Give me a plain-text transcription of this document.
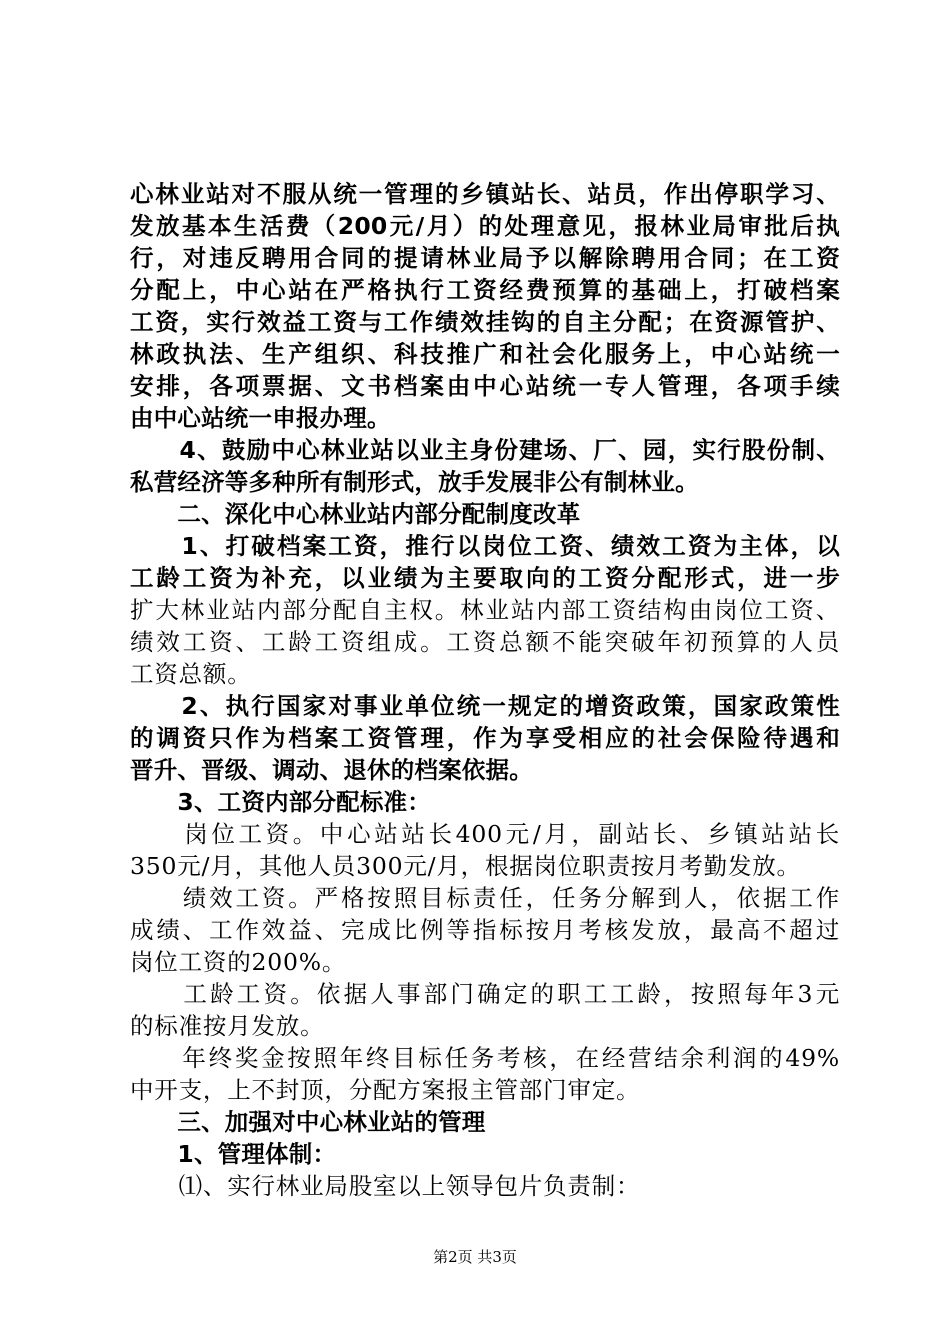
心林业站对不服从统一管理的乡镇站长、站员，作出停职学习、
发放基本生活费（200元/月）的处理意见，报林业局审批后执
行，对违反聘用合同的提请林业局予以解除聘用合同；在工资
分配上，中心站在严格执行工资经费预算的基础上，打破档案
工资，实行效益工资与工作绩效挂钩的自主分配；在资源管护、
林政执法、生产组织、科技推广和社会化服务上，中心站统一
安排，各项票据、文书档案由中心站统一专人管理，各项手续
由中心站统一申报办理。
　　4、鼓励中心林业站以业主身份建场、厂、园，实行股份制、
私营经济等多种所有制形式，放手发展非公有制林业。
　　二、深化中心林业站内部分配制度改革
　　1、打破档案工资，推行以岗位工资、绩效工资为主体，以
工龄工资为补充，以业绩为主要取向的工资分配形式，进一步
扩大林业站内部分配自主权。林业站内部工资结构由岗位工资、
绩效工资、工龄工资组成。工资总额不能突破年初预算的人员
工资总额。
　　2、执行国家对事业单位统一规定的增资政策，国家政策性
的调资只作为档案工资管理，作为享受相应的社会保险待遇和
晋升、晋级、调动、退休的档案依据。
　　3、工资内部分配标准：
　　岗位工资。中心站站长400元/月，副站长、乡镇站站长
350元/月，其他人员300元/月，根据岗位职责按月考勤发放。
　　绩效工资。严格按照目标责任，任务分解到人，依据工作
成绩、工作效益、完成比例等指标按月考核发放，最高不超过
岗位工资的200%。
　　工龄工资。依据人事部门确定的职工工龄，按照每年3元
的标准按月发放。
　　年终奖金按照年终目标任务考核，在经营结余利润的49%
中开支，上不封顶，分配方案报主管部门审定。
　　三、加强对中心林业站的管理
　　1、管理体制：
　　⑴、实行林业局股室以上领导包片负责制：
第2页 共3页
